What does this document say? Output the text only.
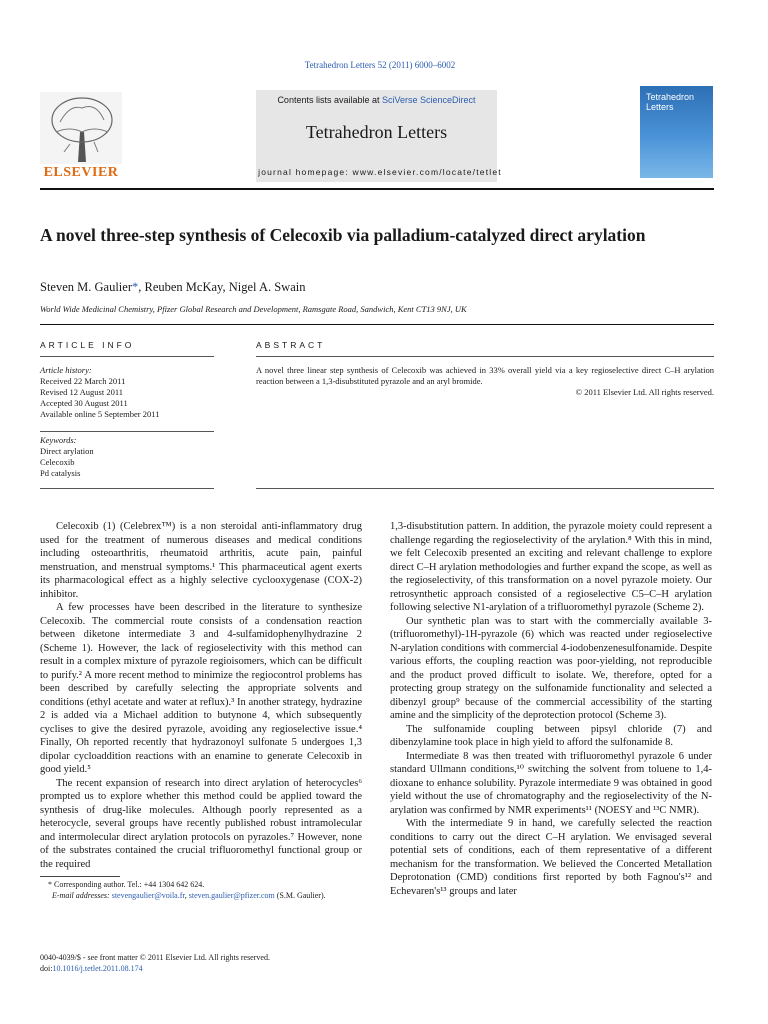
Tetrahedron Letters 52 (2011) 6000–6002
ELSEVIER
Contents lists available at SciVerse ScienceDirect
Tetrahedron Letters
journal homepage: www.elsevier.com/locate/tetlet
Tetrahedron
Letters
A novel three-step synthesis of Celecoxib via palladium-catalyzed direct arylation
Steven M. Gaulier*, Reuben McKay, Nigel A. Swain
World Wide Medicinal Chemistry, Pfizer Global Research and Development, Ramsgate Road, Sandwich, Kent CT13 9NJ, UK
ARTICLE INFO	ABSTRACT
Article history:
Received 22 March 2011
Revised 12 August 2011
Accepted 30 August 2011
Available online 5 September 2011
Keywords:
Direct arylation
Celecoxib
Pd catalysis
A novel three linear step synthesis of Celecoxib was achieved in 33% overall yield via a key regioselective direct C–H arylation reaction between a 1,3-disubstituted pyrazole and an aryl bromide.
© 2011 Elsevier Ltd. All rights reserved.

Celecoxib (1) (Celebrex™) is a non steroidal anti-inflammatory drug used for the treatment of numerous diseases and medical conditions including osteoarthritis, rheumatoid arthritis, acute pain, painful menstruation, and menstrual symptoms.¹ This pharmaceutical agent exerts its pharmacological effect as a highly selective cyclooxygenase (COX-2) inhibitor.

A few processes have been described in the literature to synthesize Celecoxib. The commercial route consists of a condensation reaction between diketone intermediate 3 and 4-sulfamidophenylhydrazine 2 (Scheme 1). However, the lack of regioselectivity with this method can result in a complex mixture of pyrazole regioisomers, which can be difficult to purify.² A more recent method to minimize the regiocontrol problems has been described by carefully selecting the appropriate solvents and conditions (ethyl acetate and water at reflux).³ In another strategy, hydrazine 2 is added via a Michael addition to butynone 4, which subsequently cyclises to give the desired pyrazole, avoiding any regioselective issue.⁴ Finally, Oh reported recently that hydrazonoyl sulfonate 5 undergoes 1,3 dipolar cycloaddition reactions with an enamine to generate Celecoxib in good yield.⁵

The recent expansion of research into direct arylation of heterocycles⁶ prompted us to explore whether this method could be applied toward the synthesis of drug-like molecules. Although poorly represented as a heterocycle, several groups have recently published robust intramolecular and intermolecular direct arylation protocols on pyrazoles.⁷ However, none of the substrates contained the crucial trifluoromethyl functional group or the required

1,3-disubstitution pattern. In addition, the pyrazole moiety could represent a challenge regarding the regioselectivity of the arylation.⁸ With this in mind, we felt Celecoxib presented an exciting and relevant challenge to explore direct C–H arylation methodologies and further expand the scope, as well as the regioselectivity, of this transformation on a novel pyrazole moiety. Our retrosynthetic approach consisted of a regioselective C5–C–H arylation following selective N1-arylation of a trifluoromethyl pyrazole (Scheme 2).

Our synthetic plan was to start with the commercially available 3-(trifluoromethyl)-1H-pyrazole (6) which was reacted under regioselective N-arylation conditions with commercial 4-iodobenzenesulfonamide. Despite various efforts, the coupling reaction was poor-yielding, not reproducible and the product proved difficult to isolate. We, therefore, opted for a protecting group strategy on the sulfonamide functionality and selected a dibenzyl group⁹ because of the commercial accessibility of the starting amine and the simplicity of the deprotection protocol (Scheme 3).

The sulfonamide coupling between pipsyl chloride (7) and dibenzylamine took place in high yield to afford the sulfonamide 8.

Intermediate 8 was then treated with trifluoromethyl pyrazole 6 under standard Ullmann conditions,¹⁰ switching the solvent from toluene to 1,4-dioxane to enhance solubility. Pyrazole intermediate 9 was obtained in good yield without the use of chromatography and the regioselectivity of the N-arylation was confirmed by NMR experiments¹¹ (NOESY and ¹³C NMR).

With the intermediate 9 in hand, we carefully selected the reaction conditions to carry out the direct C–H arylation. We envisaged several potential sets of conditions, each of them representative of a different mechanism for the transformation. We believed the Concerted Metallation Deprotonation (CMD) conditions first reported by both Fagnou's¹² and Echevaren's¹³ groups and later

* Corresponding author. Tel.: +44 1304 642 624.
E-mail addresses: stevengaulier@voila.fr, steven.gaulier@pfizer.com (S.M. Gaulier).
0040-4039/$ - see front matter © 2011 Elsevier Ltd. All rights reserved.
doi:10.1016/j.tetlet.2011.08.174
